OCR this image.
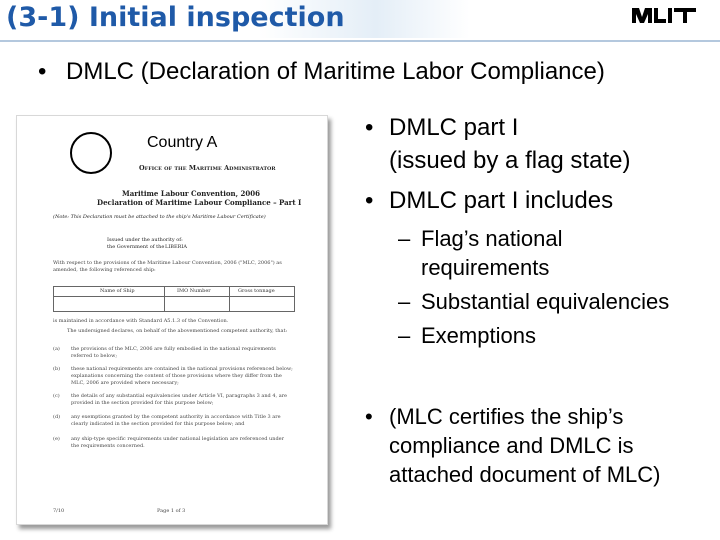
(3-1) Initial inspection
• DMLC (Declaration of Maritime Labor Compliance)
Country A
Office of the Maritime Administrator
Maritime Labour Convention, 2006
Declaration of Maritime Labour Compliance – Part I
(Note: This Declaration must be attached to the ship's Maritime Labour Certificate)
Issued under the authority of:
the Government of the LIBERIA
With respect to the provisions of the Maritime Labour Convention, 2006 ("MLC, 2006") as amended, the following referenced ship:
Name of Ship	IMO Number	Gross tonnage
is maintained in accordance with Standard A5.1.3 of the Convention.
The undersigned declares, on behalf of the abovementioned competent authority, that:
(a) the provisions of the MLC, 2006 are fully embodied in the national requirements referred to below;
(b) these national requirements are contained in the national provisions referenced below; explanations concerning the content of those provisions where they differ from the MLC, 2006 are provided where necessary;
(c) the details of any substantial equivalencies under Article VI, paragraphs 3 and 4, are provided in the section provided for this purpose below;
(d) any exemptions granted by the competent authority in accordance with Title 3 are clearly indicated in the section provided for this purpose below; and
(e) any ship-type specific requirements under national legislation are referenced under the requirements concerned.
7/10	Page 1 of 3
• DMLC part I
(issued by a flag state)
• DMLC part I includes
– Flag’s national
requirements
– Substantial equivalencies
– Exemptions
• (MLC certifies the ship’s
compliance and DMLC is
attached document of MLC)
